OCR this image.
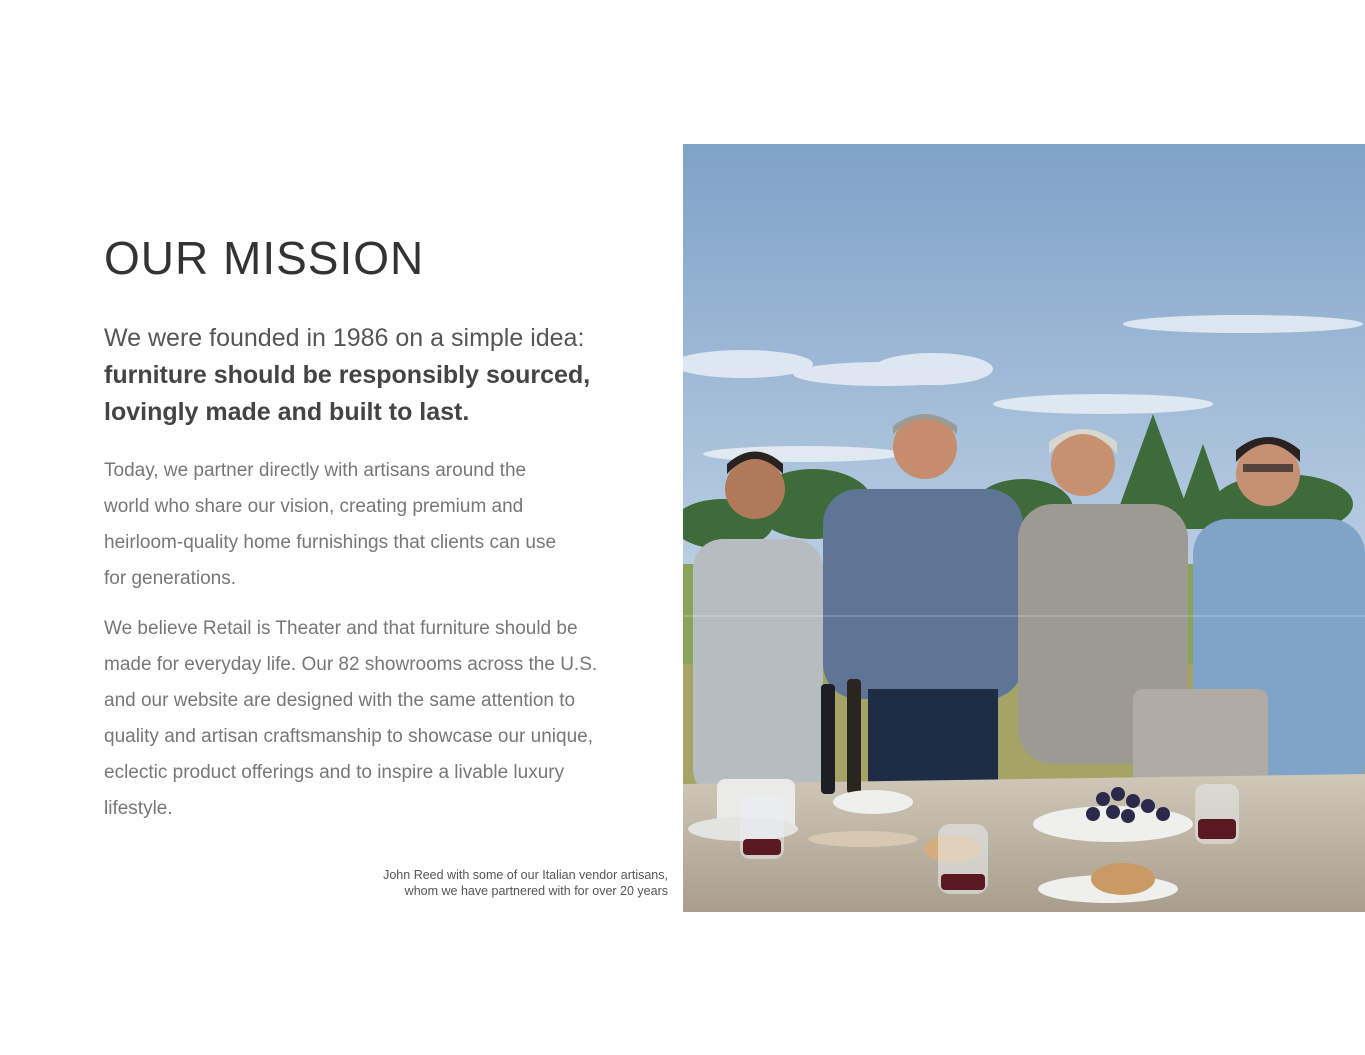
OUR MISSION

We were founded in 1986 on a simple idea:
furniture should be responsibly sourced, lovingly made and built to last.

Today, we partner directly with artisans around the world who share our vision, creating premium and heirloom-quality home furnishings that clients can use for generations.

We believe Retail is Theater and that furniture should be made for everyday life. Our 82 showrooms across the U.S. and our website are designed with the same attention to quality and artisan craftsmanship to showcase our unique, eclectic product offerings and to inspire a livable luxury lifestyle.

John Reed with some of our Italian vendor artisans,
whom we have partnered with for over 20 years
